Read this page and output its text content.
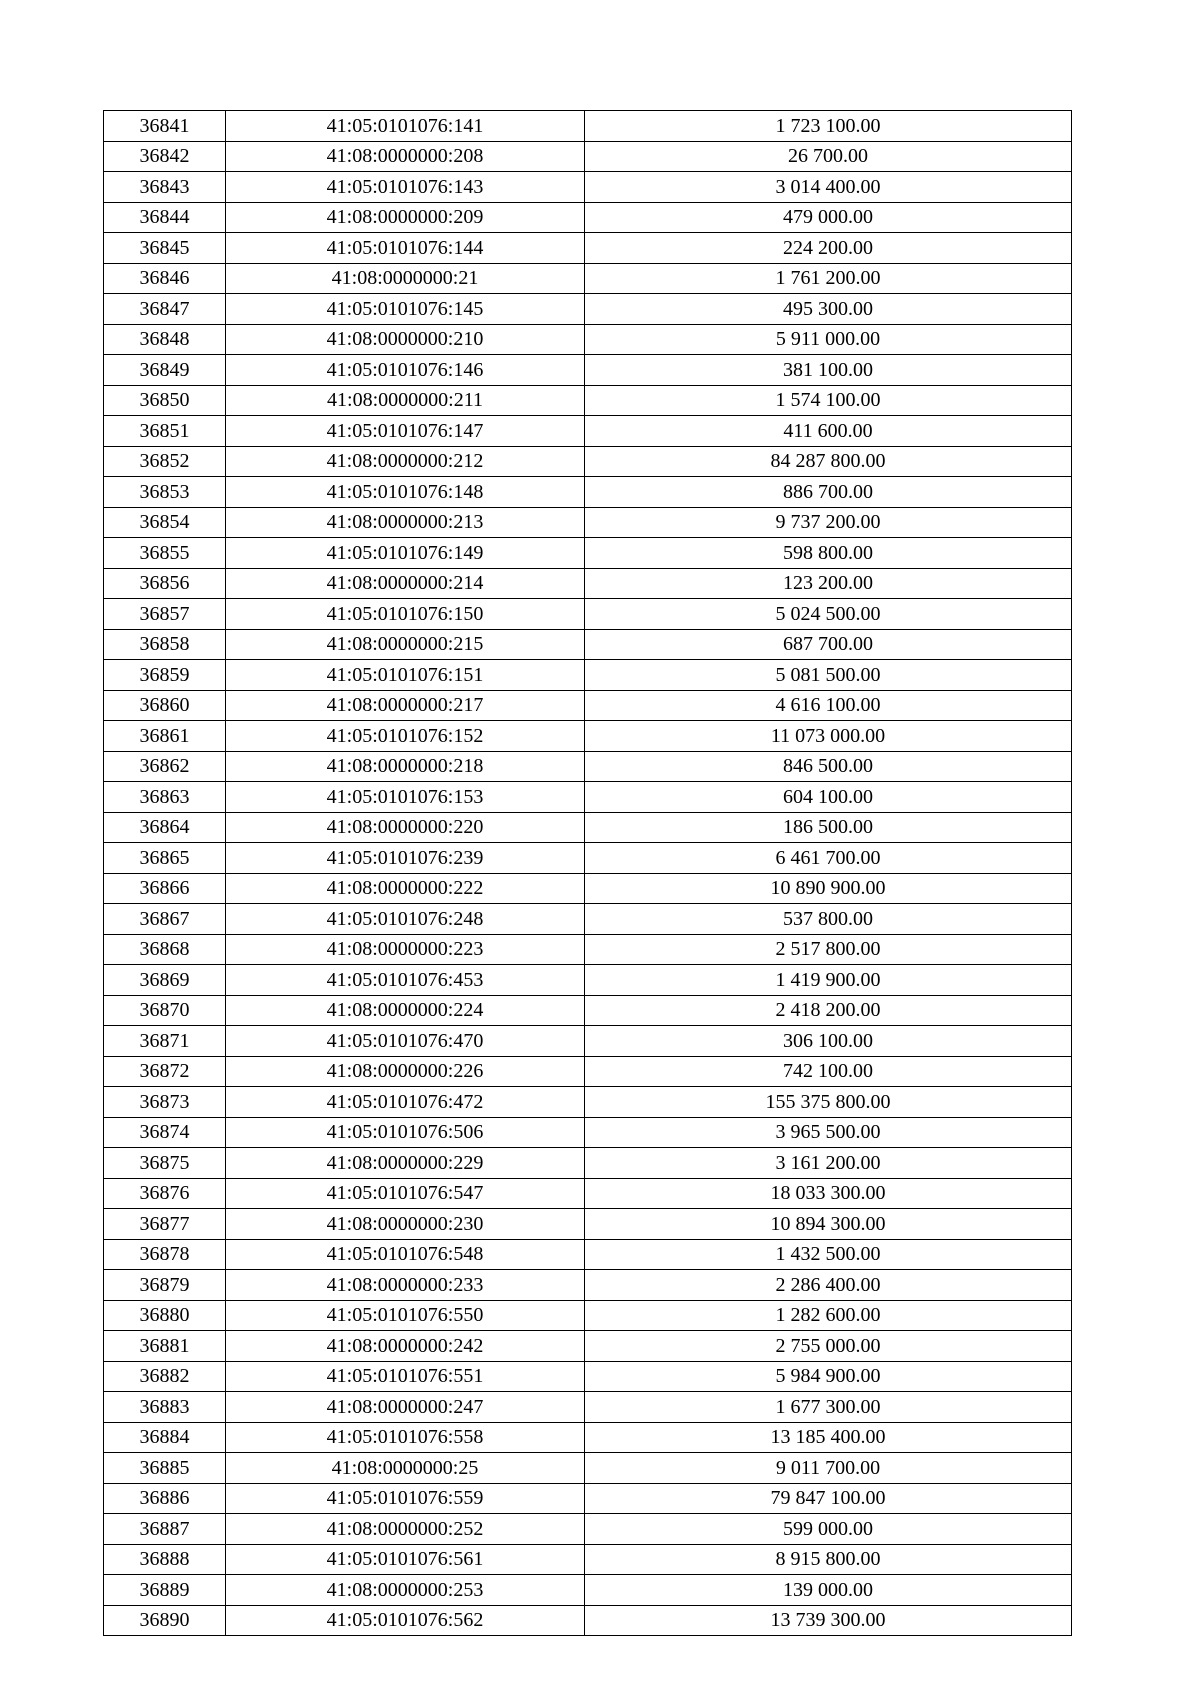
36841	41:05:0101076:141	1 723 100.00
36842	41:08:0000000:208	26 700.00
36843	41:05:0101076:143	3 014 400.00
36844	41:08:0000000:209	479 000.00
36845	41:05:0101076:144	224 200.00
36846	41:08:0000000:21	1 761 200.00
36847	41:05:0101076:145	495 300.00
36848	41:08:0000000:210	5 911 000.00
36849	41:05:0101076:146	381 100.00
36850	41:08:0000000:211	1 574 100.00
36851	41:05:0101076:147	411 600.00
36852	41:08:0000000:212	84 287 800.00
36853	41:05:0101076:148	886 700.00
36854	41:08:0000000:213	9 737 200.00
36855	41:05:0101076:149	598 800.00
36856	41:08:0000000:214	123 200.00
36857	41:05:0101076:150	5 024 500.00
36858	41:08:0000000:215	687 700.00
36859	41:05:0101076:151	5 081 500.00
36860	41:08:0000000:217	4 616 100.00
36861	41:05:0101076:152	11 073 000.00
36862	41:08:0000000:218	846 500.00
36863	41:05:0101076:153	604 100.00
36864	41:08:0000000:220	186 500.00
36865	41:05:0101076:239	6 461 700.00
36866	41:08:0000000:222	10 890 900.00
36867	41:05:0101076:248	537 800.00
36868	41:08:0000000:223	2 517 800.00
36869	41:05:0101076:453	1 419 900.00
36870	41:08:0000000:224	2 418 200.00
36871	41:05:0101076:470	306 100.00
36872	41:08:0000000:226	742 100.00
36873	41:05:0101076:472	155 375 800.00
36874	41:05:0101076:506	3 965 500.00
36875	41:08:0000000:229	3 161 200.00
36876	41:05:0101076:547	18 033 300.00
36877	41:08:0000000:230	10 894 300.00
36878	41:05:0101076:548	1 432 500.00
36879	41:08:0000000:233	2 286 400.00
36880	41:05:0101076:550	1 282 600.00
36881	41:08:0000000:242	2 755 000.00
36882	41:05:0101076:551	5 984 900.00
36883	41:08:0000000:247	1 677 300.00
36884	41:05:0101076:558	13 185 400.00
36885	41:08:0000000:25	9 011 700.00
36886	41:05:0101076:559	79 847 100.00
36887	41:08:0000000:252	599 000.00
36888	41:05:0101076:561	8 915 800.00
36889	41:08:0000000:253	139 000.00
36890	41:05:0101076:562	13 739 300.00
